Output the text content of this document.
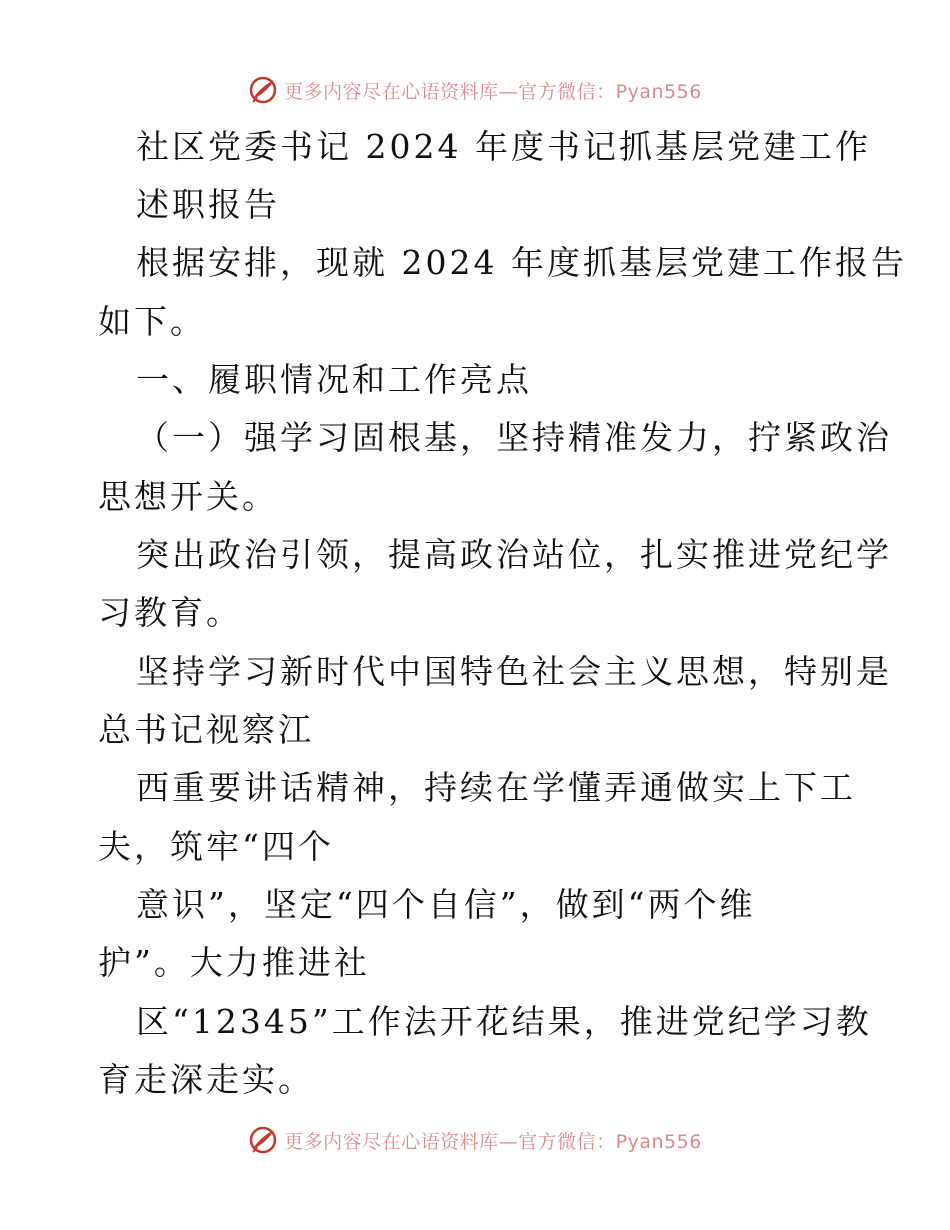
更多内容尽在心语资料库—官方微信：Pyan556
社区党委书记 2024 年度书记抓基层党建工作
述职报告
根据安排，现就 2024 年度抓基层党建工作报告
如下。
一、履职情况和工作亮点
（一）强学习固根基，坚持精准发力，拧紧政治
思想开关。
突出政治引领，提高政治站位，扎实推进党纪学
习教育。
坚持学习新时代中国特色社会主义思想，特别是
总书记视察江
西重要讲话精神，持续在学懂弄通做实上下工
夫，筑牢“四个
意识”，坚定“四个自信”，做到“两个维
护”。大力推进社
区“12345”工作法开花结果，推进党纪学习教
育走深走实。
更多内容尽在心语资料库—官方微信：Pyan556
